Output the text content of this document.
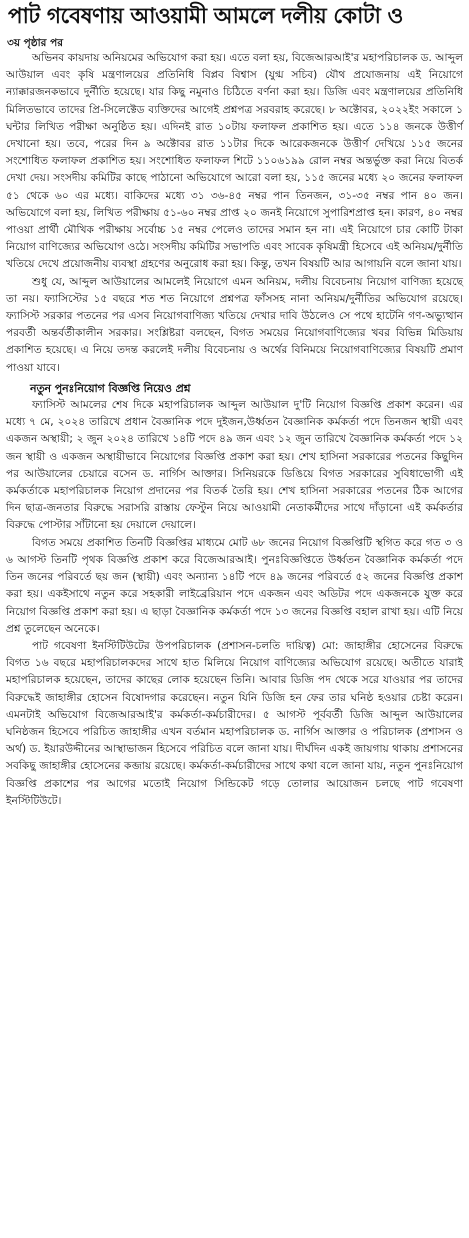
পাট গবেষণায় আওয়ামী আমলে দলীয় কোটা ও
৩য় পৃষ্ঠার পর

অভিনব কায়দায় অনিয়মের অভিযোগ করা হয়। এতে বলা হয়, বিজেআরআই'র মহাপরিচালক ড. আব্দুল আউয়াল এবং কৃষি মন্ত্রণালয়ের প্রতিনিধি বিপ্লব বিশ্বাস (যুগ্ম সচিব) যৌথ প্রযোজনায় এই নিয়োগে ন্যাক্কারজনকভাবে দুর্নীতি হয়েছে। যার কিছু নমুনাও চিঠিতে বর্ণনা করা হয়। ডিজি এবং মন্ত্রণালয়ের প্রতিনিধি মিলিতভাবে তাদের প্রি-সিলেক্টেড ব্যক্তিদের আগেই প্রশ্নপত্র সরবরাহ করেছে। ৮ অক্টোবর, ২০২২ইং সকালে ১ ঘন্টার লিখিত পরীক্ষা অনুষ্ঠিত হয়। এদিনই রাত ১০টায় ফলাফল প্রকাশিত হয়। এতে ১১৪ জনকে উত্তীর্ণ দেখানো হয়। তবে, পরের দিন ৯ অক্টোবর রাত ১১টার দিকে আরেকজনকে উত্তীর্ণ দেখিয়ে ১১৫ জনের সংশোধিত ফলাফল প্রকাশিত হয়। সংশোধিত ফলাফল শিটে ১১০৬১৯৯ রোল নম্বর অন্তর্ভুক্ত করা নিয়ে বিতর্ক দেখা দেয়। সংসদীয় কমিটির কাছে পাঠানো অভিযোগে আরো বলা হয়, ১১৫ জনের মধ্যে ২০ জনের ফলাফল ৫১ থেকে ৬০ এর মধ্যে। বাকিদের মধ্যে ৩১ ৩৬-৪৫ নম্বর পান তিনজন, ৩১-৩৫ নম্বর পান ৪০ জন। অভিযোগে বলা হয়, লিখিত পরীক্ষায় ৫১-৬০ নম্বর প্রাপ্ত ২০ জনই নিয়োগে সুপারিশপ্রাপ্ত হন। কারণ, ৪০ নম্বর পাওয়া প্রার্থী মৌখিক পরীক্ষায় সর্বোচ্চ ১৫ নম্বর পেলেও তাদের সমান হন না। এই নিয়োগে চার কোটি টাকা নিয়োগ বাণিজ্যের অভিযোগ ওঠে। সংসদীয় কমিটির সভাপতি এবং সাবেক কৃষিমন্ত্রী হিসেবে এই অনিয়ম/দুর্নীতি খতিয়ে দেখে প্রয়োজনীয় ব্যবস্থা গ্রহণের অনুরোধ করা হয়। কিন্তু, তখন বিষয়টি আর আগায়নি বলে জানা যায়।

শুধু যে, আব্দুল আউয়ালের আমলেই নিয়োগে এমন অনিয়ম, দলীয় বিবেচনায় নিয়োগ বাণিজ্য হয়েছে তা নয়। ফ্যাসিস্টের ১৫ বছরে শত শত নিয়োগে প্রশ্নপত্র ফাঁসসহ নানা অনিয়ম/দুর্নীতির অভিযোগ রয়েছে। ফ্যাসিস্ট সরকার পতনের পর এসব নিয়োগবাণিজ্য খতিয়ে দেখার দাবি উঠলেও সে পথে হাটেনি গণ-অভ্যুত্থান পরবর্তী অন্তর্বর্তীকালীন সরকার। সংশ্লিষ্টরা বলছেন, বিগত সময়ের নিয়োগবাণিজ্যের খবর বিভিন্ন মিডিয়ায় প্রকাশিত হয়েছে। এ নিয়ে তদন্ত করলেই দলীয় বিবেচনায় ও অর্থের বিনিময়ে নিয়োগবাণিজ্যের বিষয়টি প্রমাণ পাওয়া যাবে।

নতুন পুনঃনিয়োগ বিজ্ঞপ্তি নিয়েও প্রশ্ন

ফ্যাসিস্ট আমলের শেষ দিকে মহাপরিচালক আব্দুল আউয়াল দু'টি নিয়োগ বিজ্ঞপ্তি প্রকাশ করেন। এর মধ্যে ৭ মে, ২০২৪ তারিখে প্রধান বৈজ্ঞানিক পদে দুইজন,উর্ধ্বতন বৈজ্ঞানিক কর্মকর্তা পদে তিনজন স্থায়ী এবং একজন অস্থায়ী; ২ জুন ২০২৪ তারিখে ১৪টি পদে ৪৯ জন এবং ১২ জুন তারিখে বৈজ্ঞানিক কর্মকর্তা পদে ১২ জন স্থায়ী ও একজন অস্থায়ীভাবে নিয়োগের বিজ্ঞপ্তি প্রকাশ করা হয়। শেখ হাসিনা সরকারের পতনের কিছুদিন পর আউয়ালের চেয়ারে বসেন ড. নার্গিস আক্তার। সিনিয়রকে ডিঙিয়ে বিগত সরকারের সুবিধাভোগী এই কর্মকর্তাকে মহাপরিচালক নিয়োগ প্রদানের পর বিতর্ক তৈরি হয়। শেখ হাসিনা সরকারের পতনের ঠিক আগের দিন ছাত্র-জনতার বিরুদ্ধে সরাসরি রাস্তায় ফেস্টুন নিয়ে আওয়ামী নেতাকর্মীদের সাথে দাঁড়ানো এই কর্মকর্তার বিরুদ্ধে পোস্টার সাঁটানো হয় দেয়ালে দেয়ালে।

বিগত সময়ে প্রকাশিত তিনটি বিজ্ঞপ্তির মাধ্যমে মোট ৬৮ জনের নিয়োগ বিজ্ঞপ্তিটি স্থগিত করে গত ৩ ও ৬ আগস্ট তিনটি পৃথক বিজ্ঞপ্তি প্রকাশ করে বিজেআরআই। পুনঃবিজ্ঞপ্তিতে উর্ধ্বতন বৈজ্ঞানিক কর্মকর্তা পদে তিন জনের পরিবর্তে ছয় জন (স্থায়ী) এবং অন্যান্য ১৪টি পদে ৪৯ জনের পরিবর্তে ৫২ জনের বিজ্ঞপ্তি প্রকাশ করা হয়। একইসাথে নতুন করে সহকারী লাইব্রেরিয়ান পদে একজন এবং অডিটর পদে একজনকে যুক্ত করে নিয়োগ বিজ্ঞপ্তি প্রকাশ করা হয়। এ ছাড়া বৈজ্ঞানিক কর্মকর্তা পদে ১৩ জনের বিজ্ঞপ্তি বহাল রাখা হয়। এটি নিয়ে প্রশ্ন তুলেছেন অনেকে।

পাট গবেষণা ইনস্টিটিউটের উপপরিচালক (প্রশাসন-চলতি দায়িত্ব) মো: জাহাঙ্গীর হোসেনের বিরুদ্ধে বিগত ১৬ বছরে মহাপরিচালকদের সাথে হাত মিলিয়ে নিয়োগ বাণিজ্যের অভিযোগ রয়েছে। অতীতে যারাই মহাপরিচালক হয়েছেন, তাদের কাছের লোক হয়েছেন তিনি। আবার ডিজি পদ থেকে সরে যাওয়ার পর তাদের বিরুদ্ধেই জাহাঙ্গীর হোসেন বিষোদগার করেছেন। নতুন যিনি ডিজি হন ফের তার ঘনিষ্ঠ হওয়ার চেষ্টা করেন। এমনটাই অভিযোগ বিজেআরআই'র কর্মকর্তা-কর্মচারীদের। ৫ আগস্ট পূর্ববর্তী ডিজি আব্দুল আউয়ালের ঘনিষ্ঠজন হিসেবে পরিচিত জাহাঙ্গীর এখন বর্তমান মহাপরিচালক ড. নার্গিস আক্তার ও পরিচালক (প্রশাসন ও অর্থ) ড. ইয়ারউদ্দীনের আস্থাভাজন হিসেবে পরিচিত বলে জানা যায়। দীর্ঘদিন একই জায়গায় থাকায় প্রশাসনের সবকিছু জাহাঙ্গীর হোসেনের কব্জায় রয়েছে। কর্মকর্তা-কর্মচারীদের সাথে কথা বলে জানা যায়, নতুন পুনঃনিয়োগ বিজ্ঞপ্তি প্রকাশের পর আগের মতোই নিয়োগ সিন্ডিকেট গড়ে তোলার আয়োজন চলছে পাট গবেষণা ইনস্টিটিউটে।
